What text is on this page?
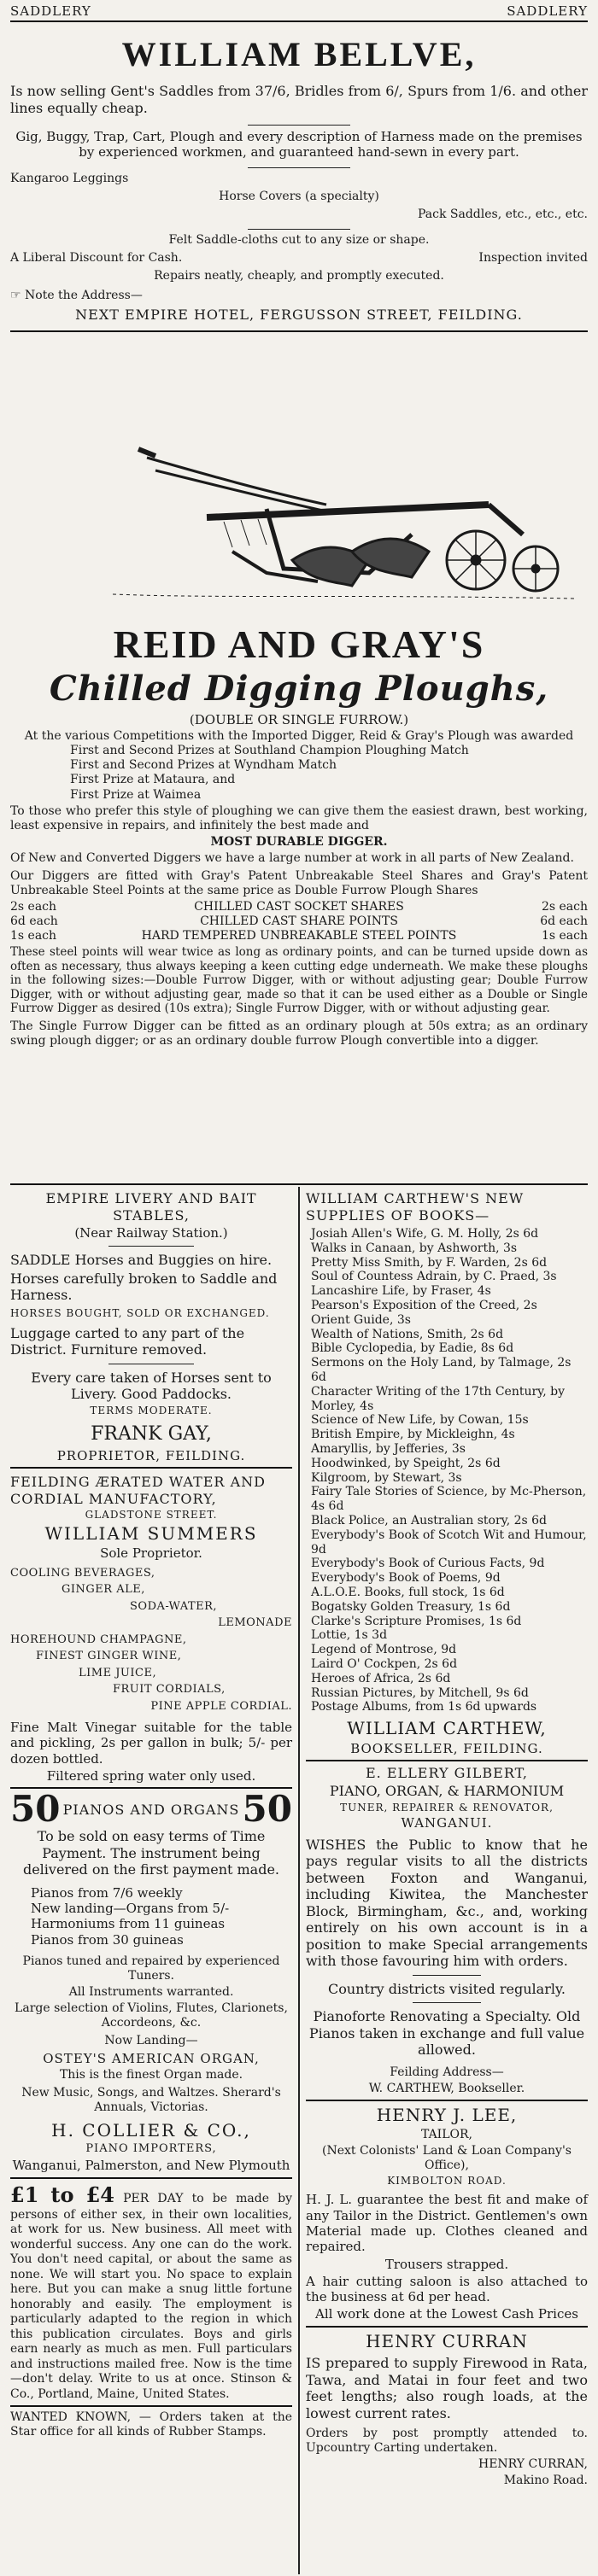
SADDLERY	SADDLERY
WILLIAM BELLVE,

Is now selling Gent's Saddles from 37/6, Bridles from 6/, Spurs from 1/6. and other lines equally cheap.

Gig, Buggy, Trap, Cart, Plough and every description of Harness made on the premises by experienced workmen, and guaranteed hand-sewn in every part.

Kangaroo Leggings

Horse Covers (a specialty)

Pack Saddles, etc., etc., etc.

Felt Saddle-cloths cut to any size or shape.

A Liberal Discount for Cash.	Inspection invited

Repairs neatly, cheaply, and promptly executed.

☞ Note the Address—

NEXT EMPIRE HOTEL, FERGUSSON STREET, FEILDING.

REID AND GRAY'S
Chilled Digging Ploughs,

(DOUBLE OR SINGLE FURROW.)

At the various Competitions with the Imported Digger, Reid & Gray's Plough was awarded

First and Second Prizes at Southland Champion Ploughing Match
First and Second Prizes at Wyndham Match
First Prize at Mataura, and
First Prize at Waimea

To those who prefer this style of ploughing we can give them the easiest drawn, best working, least expensive in repairs, and infinitely the best made and

MOST DURABLE DIGGER.

Of New and Converted Diggers we have a large number at work in all parts of New Zealand.

Our Diggers are fitted with Gray's Patent Unbreakable Steel Shares and Gray's Patent Unbreakable Steel Points at the same price as Double Furrow Plough Shares

2s each	CHILLED CAST SOCKET SHARES	2s each
6d each	CHILLED CAST SHARE POINTS	6d each
1s each	HARD TEMPERED UNBREAKABLE STEEL POINTS	1s each

These steel points will wear twice as long as ordinary points, and can be turned upside down as often as necessary, thus always keeping a keen cutting edge underneath. We make these ploughs in the following sizes:—Double Furrow Digger, with or without adjusting gear; Double Furrow Digger, with or without adjusting gear, made so that it can be used either as a Double or Single Furrow Digger as desired (10s extra); Single Furrow Digger, with or without adjusting gear.

The Single Furrow Digger can be fitted as an ordinary plough at 50s extra; as an ordinary swing plough digger; or as an ordinary double furrow Plough convertible into a digger.

EMPIRE LIVERY AND BAIT STABLES,

(Near Railway Station.)

SADDLE Horses and Buggies on hire.

Horses carefully broken to Saddle and Harness.

HORSES BOUGHT, SOLD OR EXCHANGED.

Luggage carted to any part of the District. Furniture removed.

Every care taken of Horses sent to Livery. Good Paddocks.

TERMS MODERATE.

FRANK GAY,

PROPRIETOR, FEILDING.

FEILDING ÆRATED WATER AND CORDIAL MANUFACTORY,

GLADSTONE STREET.

WILLIAM SUMMERS

Sole Proprietor.

COOLING BEVERAGES,
GINGER ALE,
SODA-WATER,
LEMONADE
HOREHOUND CHAMPAGNE,
FINEST GINGER WINE,
LIME JUICE,
FRUIT CORDIALS,
PINE APPLE CORDIAL.

Fine Malt Vinegar suitable for the table and pickling, 2s per gallon in bulk; 5/- per dozen bottled.

Filtered spring water only used.

50 PIANOS AND ORGANS 50

To be sold on easy terms of Time Payment. The instrument being delivered on the first payment made.

Pianos from 7/6 weekly
New landing—Organs from 5/-
Harmoniums from 11 guineas
Pianos from 30 guineas

Pianos tuned and repaired by experienced Tuners.

All Instruments warranted.

Large selection of Violins, Flutes, Clarionets, Accordeons, &c.

Now Landing—

OSTEY'S AMERICAN ORGAN,

This is the finest Organ made.

New Music, Songs, and Waltzes. Sherard's Annuals, Victorias.

H. COLLIER & CO.,

PIANO IMPORTERS,

Wanganui, Palmerston, and New Plymouth

£1 to £4 PER DAY to be made by persons of either sex, in their own localities, at work for us. New business. All meet with wonderful success. Any one can do the work. You don't need capital, or about the same as none. We will start you. No space to explain here. But you can make a snug little fortune honorably and easily. The employment is particularly adapted to the region in which this publication circulates. Boys and girls earn nearly as much as men. Full particulars and instructions mailed free. Now is the time—don't delay. Write to us at once. Stinson & Co., Portland, Maine, United States.

WANTED KNOWN, — Orders taken at the Star office for all kinds of Rubber Stamps.

WILLIAM CARTHEW'S NEW SUPPLIES OF BOOKS—

Josiah Allen's Wife, G. M. Holly, 2s 6d
Walks in Canaan, by Ashworth, 3s
Pretty Miss Smith, by F. Warden, 2s 6d
Soul of Countess Adrain, by C. Praed, 3s
Lancashire Life, by Fraser, 4s
Pearson's Exposition of the Creed, 2s
Orient Guide, 3s
Wealth of Nations, Smith, 2s 6d
Bible Cyclopedia, by Eadie, 8s 6d
Sermons on the Holy Land, by Talmage, 2s 6d
Character Writing of the 17th Century, by Morley, 4s
Science of New Life, by Cowan, 15s
British Empire, by Mickleighn, 4s
Amaryllis, by Jefferies, 3s
Hoodwinked, by Speight, 2s 6d
Kilgroom, by Stewart, 3s
Fairy Tale Stories of Science, by Mc-Pherson, 4s 6d
Black Police, an Australian story, 2s 6d
Everybody's Book of Scotch Wit and Humour, 9d
Everybody's Book of Curious Facts, 9d
Everybody's Book of Poems, 9d
A.L.O.E. Books, full stock, 1s 6d
Bogatsky Golden Treasury, 1s 6d
Clarke's Scripture Promises, 1s 6d
Lottie, 1s 3d
Legend of Montrose, 9d
Laird O' Cockpen, 2s 6d
Heroes of Africa, 2s 6d
Russian Pictures, by Mitchell, 9s 6d
Postage Albums, from 1s 6d upwards

WILLIAM CARTHEW,

BOOKSELLER, FEILDING.

E. ELLERY GILBERT,

PIANO, ORGAN, & HARMONIUM

TUNER, REPAIRER & RENOVATOR,

WANGANUI.

WISHES the Public to know that he pays regular visits to all the districts between Foxton and Wanganui, including Kiwitea, the Manchester Block, Birmingham, &c., and, working entirely on his own account is in a position to make Special arrangements with those favouring him with orders.

Country districts visited regularly.

Pianoforte Renovating a Specialty. Old Pianos taken in exchange and full value allowed.

Feilding Address—

W. CARTHEW, Bookseller.

HENRY J. LEE,

TAILOR,

(Next Colonists' Land & Loan Company's Office),

KIMBOLTON ROAD.

H. J. L. guarantee the best fit and make of any Tailor in the District. Gentlemen's own Material made up. Clothes cleaned and repaired.

Trousers strapped.

A hair cutting saloon is also attached to the business at 6d per head.

All work done at the Lowest Cash Prices

HENRY CURRAN

IS prepared to supply Firewood in Rata, Tawa, and Matai in four feet and two feet lengths; also rough loads, at the lowest current rates.

Orders by post promptly attended to. Upcountry Carting undertaken.

HENRY CURRAN,

Makino Road.
